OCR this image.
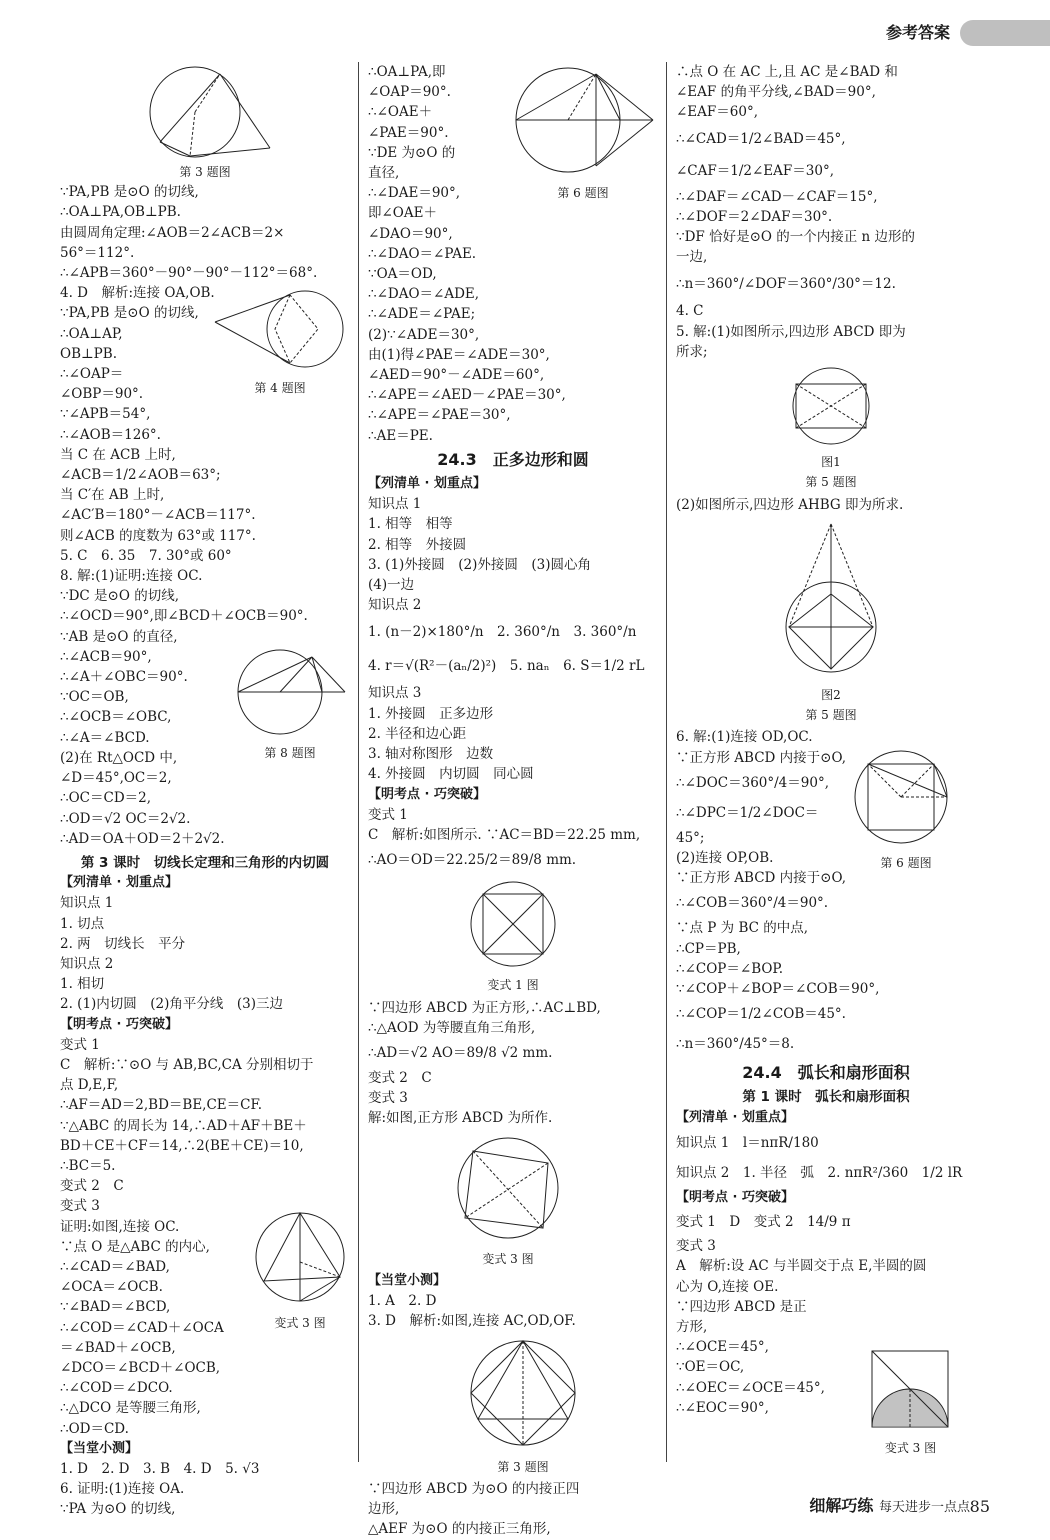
参考答案
第 3 题图
∵PA,PB 是⊙O 的切线,
∴OA⊥PA,OB⊥PB.
由圆周角定理:∠AOB＝2∠ACB＝2×
56°＝112°.
∴∠APB＝360°－90°－90°－112°＝68°.
4. D　解析:连接 OA,OB.
∵PA,PB 是⊙O 的切线,
∴OA⊥AP,
OB⊥PB.
∴∠OAP＝
∠OBP＝90°.
∵∠APB＝54°,
∴∠AOB＝126°.
第 4 题图
当 C 在 ACB 上时,
∠ACB＝1/2∠AOB＝63°;
当 C′在 AB 上时,
∠AC′B＝180°－∠ACB＝117°.
则∠ACB 的度数为 63°或 117°.
5. C　6. 35　7. 30°或 60°
8. 解:(1)证明:连接 OC.
∵DC 是⊙O 的切线,
∴∠OCD＝90°,即∠BCD＋∠OCB＝90°.
∵AB 是⊙O 的直径,
∴∠ACB＝90°,
∴∠A＋∠OBC＝90°.
∵OC＝OB,
∴∠OCB＝∠OBC,
∴∠A＝∠BCD.
(2)在 Rt△OCD 中,
∠D＝45°,OC＝2,
∴OC＝CD＝2,
∴OD＝√2 OC＝2√2.
∴AD＝OA＋OD＝2＋2√2.
第 8 题图
第 3 课时　切线长定理和三角形的内切圆
【列清单 · 划重点】
知识点 1
1. 切点
2. 两　切线长　平分
知识点 2
1. 相切
2. (1)内切圆　(2)角平分线　(3)三边
【明考点 · 巧突破】
变式 1
C　解析:∵⊙O 与 AB,BC,CA 分别相切于
点 D,E,F,
∴AF＝AD＝2,BD＝BE,CE＝CF.
∵△ABC 的周长为 14,∴AD＋AF＋BE＋
BD＋CE＋CF＝14,∴2(BE＋CE)＝10,
∴BC＝5.
变式 2　C
变式 3
证明:如图,连接 OC.
∵点 O 是△ABC 的内心,
∴∠CAD＝∠BAD,
∠OCA＝∠OCB.
∵∠BAD＝∠BCD,
∴∠COD＝∠CAD＋∠OCA
＝∠BAD＋∠OCB,
∠DCO＝∠BCD＋∠OCB,
∴∠COD＝∠DCO.
∴△DCO 是等腰三角形,
∴OD＝CD.
变式 3 图
【当堂小测】
1. D　2. D　3. B　4. D　5. √3
6. 证明:(1)连接 OA.
∵PA 为⊙O 的切线,
第 6 题图
∴OA⊥PA,即
∠OAP＝90°.
∴∠OAE＋
∠PAE＝90°.
∵DE 为⊙O 的
直径,
∴∠DAE＝90°,
即∠OAE＋
∠DAO＝90°,
∴∠DAO＝∠PAE.
∵OA＝OD,
∴∠DAO＝∠ADE,
∴∠ADE＝∠PAE;
(2)∵∠ADE＝30°,
由(1)得∠PAE＝∠ADE＝30°,
∠AED＝90°－∠ADE＝60°,
∴∠APE＝∠AED－∠PAE＝30°,
∴∠APE＝∠PAE＝30°,
∴AE＝PE.
24.3　正多边形和圆
【列清单 · 划重点】
知识点 1
1. 相等　相等
2. 相等　外接圆
3. (1)外接圆　(2)外接圆　(3)圆心角
(4)一边
知识点 2
1. (n－2)×180°/n　2. 360°/n　3. 360°/n
4. r＝√(R²－(aₙ/2)²)　5. naₙ　6. S＝1/2 rL
知识点 3
1. 外接圆　正多边形
2. 半径和边心距
3. 轴对称图形　边数
4. 外接圆　内切圆　同心圆
【明考点 · 巧突破】
变式 1
C　解析:如图所示. ∵AC＝BD＝22.25 mm,
∴AO＝OD＝22.25/2＝89/8 mm.
变式 1 图
∵四边形 ABCD 为正方形,∴AC⊥BD,
∴△AOD 为等腰直角三角形,
∴AD＝√2 AO＝89/8 √2 mm.
变式 2　C
变式 3
解:如图,正方形 ABCD 为所作.
变式 3 图
【当堂小测】
1. A　2. D
3. D　解析:如图,连接 AC,OD,OF.
第 3 题图
∵四边形 ABCD 为⊙O 的内接正四
边形,
△AEF 为⊙O 的内接正三角形,
∴点 O 在 AC 上,且 AC 是∠BAD 和
∠EAF 的角平分线,∠BAD＝90°,
∠EAF＝60°,
∴∠CAD＝1/2∠BAD＝45°,
∠CAF＝1/2∠EAF＝30°,
∴∠DAF＝∠CAD－∠CAF＝15°,
∴∠DOF＝2∠DAF＝30°.
∵DF 恰好是⊙O 的一个内接正 n 边形的
一边,
∴n＝360°/∠DOF＝360°/30°＝12.
4. C
5. 解:(1)如图所示,四边形 ABCD 即为
所求;
图1
第 5 题图
(2)如图所示,四边形 AHBG 即为所求.
图2
第 5 题图
第 6 题图
6. 解:(1)连接 OD,OC.
∵正方形 ABCD 内接于⊙O,
∴∠DOC＝360°/4＝90°,
∴∠DPC＝1/2∠DOC＝
45°;
(2)连接 OP,OB.
∵正方形 ABCD 内接于⊙O,
∴∠COB＝360°/4＝90°.
∵点 P 为 BC 的中点,
∴CP＝PB,
∴∠COP＝∠BOP.
∵∠COP＋∠BOP＝∠COB＝90°,
∴∠COP＝1/2∠COB＝45°.
∴n＝360°/45°＝8.
24.4　弧长和扇形面积
第 1 课时　弧长和扇形面积
【列清单 · 划重点】
知识点 1　l＝nπR/180
知识点 2　1. 半径　弧　2. nπR²/360　1/2 lR
【明考点 · 巧突破】
变式 1　D　变式 2　14/9 π
变式 3
A　解析:设 AC 与半圆交于点 E,半圆的圆
心为 O,连接 OE.
∵四边形 ABCD 是正
方形,
∴∠OCE＝45°,
∵OE＝OC,
∴∠OEC＝∠OCE＝45°,
∴∠EOC＝90°,
变式 3 图
细解巧练 每天进步一点点 85
